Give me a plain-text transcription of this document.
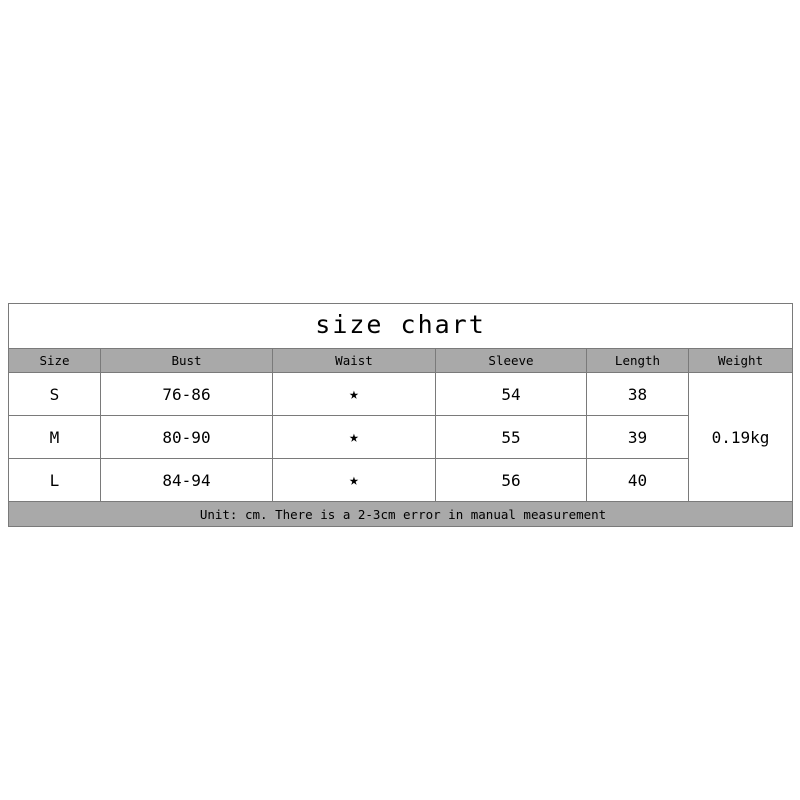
size chart					
Size	Bust	Waist	Sleeve	Length	Weight
S	76-86	★	54	38	0.19kg
M	80-90	★	55	39	
L	84-94	★	56	40	
Unit: cm. There is a 2-3cm error in manual measurement					
